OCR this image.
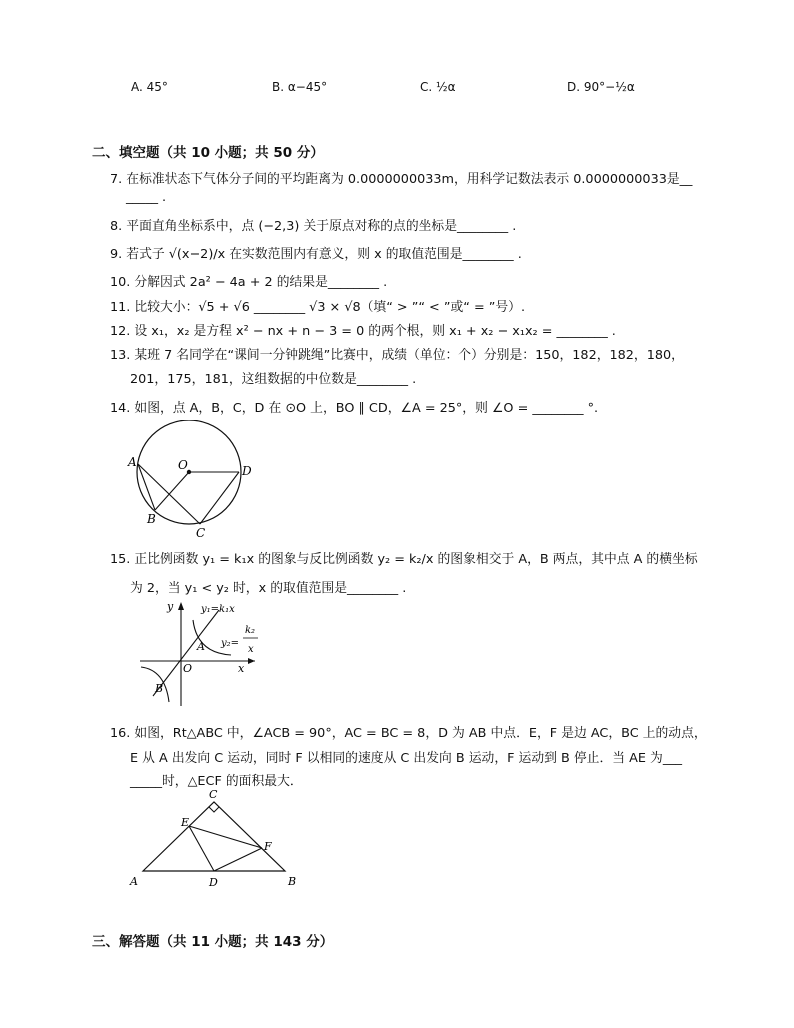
A. 45°	B. α−45°	C. ½α	D. 90°−½α
二、填空题（共 10 小题；共 50 分）
7. 在标准状态下气体分子间的平均距离为 0.0000000033m，用科学记数法表示 0.0000000033是__
_____ .
8. 平面直角坐标系中，点 (−2,3) 关于原点对称的点的坐标是________ .
9. 若式子 √(x−2)/x 在实数范围内有意义，则 x 的取值范围是________ .
10. 分解因式 2a² − 4a + 2 的结果是________ .
11. 比较大小：√5 + √6 ________ √3 × √8（填“ > ”“ < ”或“ = ”号）.
12. 设 x₁，x₂ 是方程 x² − nx + n − 3 = 0 的两个根，则 x₁ + x₂ − x₁x₂ = ________ .
13. 某班 7 名同学在“课间一分钟跳绳”比赛中，成绩（单位：个）分别是：150，182，182，180，
201，175，181，这组数据的中位数是________ .
14. 如图，点 A，B，C，D 在 ⊙O 上，BO ∥ CD，∠A = 25°，则 ∠O = ________ °.
A	O	D
B
C
15. 正比例函数 y₁ = k₁x 的图象与反比例函数 y₂ = k₂/x 的图象相交于 A，B 两点，其中点 A 的横坐标
为 2，当 y₁ < y₂ 时，x 的取值范围是________ .
y
x
O
A
B
y₁=k₁x
y₂=
k₂
x
16. 如图，Rt△ABC 中，∠ACB = 90°，AC = BC = 8，D 为 AB 中点．E，F 是边 AC，BC 上的动点，
E 从 A 出发向 C 运动，同时 F 以相同的速度从 C 出发向 B 运动，F 运动到 B 停止．当 AE 为___
_____时，△ECF 的面积最大．
C
E
F
A	D	B
三、解答题（共 11 小题；共 143 分）
